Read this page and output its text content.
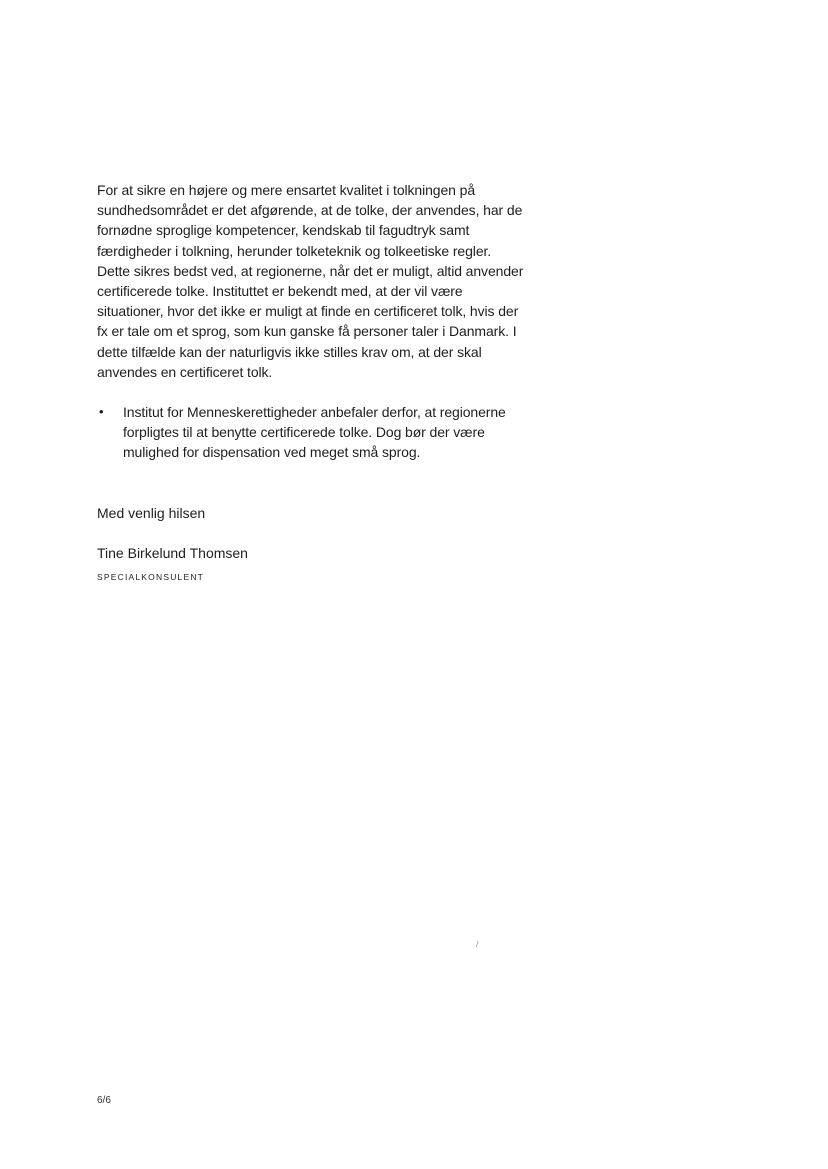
For at sikre en højere og mere ensartet kvalitet i tolkningen på
sundhedsområdet er det afgørende, at de tolke, der anvendes, har de
fornødne sproglige kompetencer, kendskab til fagudtryk samt
færdigheder i tolkning, herunder tolketeknik og tolkeetiske regler.
Dette sikres bedst ved, at regionerne, når det er muligt, altid anvender
certificerede tolke. Instituttet er bekendt med, at der vil være
situationer, hvor det ikke er muligt at finde en certificeret tolk, hvis der
fx er tale om et sprog, som kun ganske få personer taler i Danmark. I
dette tilfælde kan der naturligvis ikke stilles krav om, at der skal
anvendes en certificeret tolk.
•	Institut for Menneskerettigheder anbefaler derfor, at regionerne
forpligtes til at benytte certificerede tolke. Dog bør der være
mulighed for dispensation ved meget små sprog.
Med venlig hilsen
Tine Birkelund Thomsen
SPECIALKONSULENT
/
6/6
